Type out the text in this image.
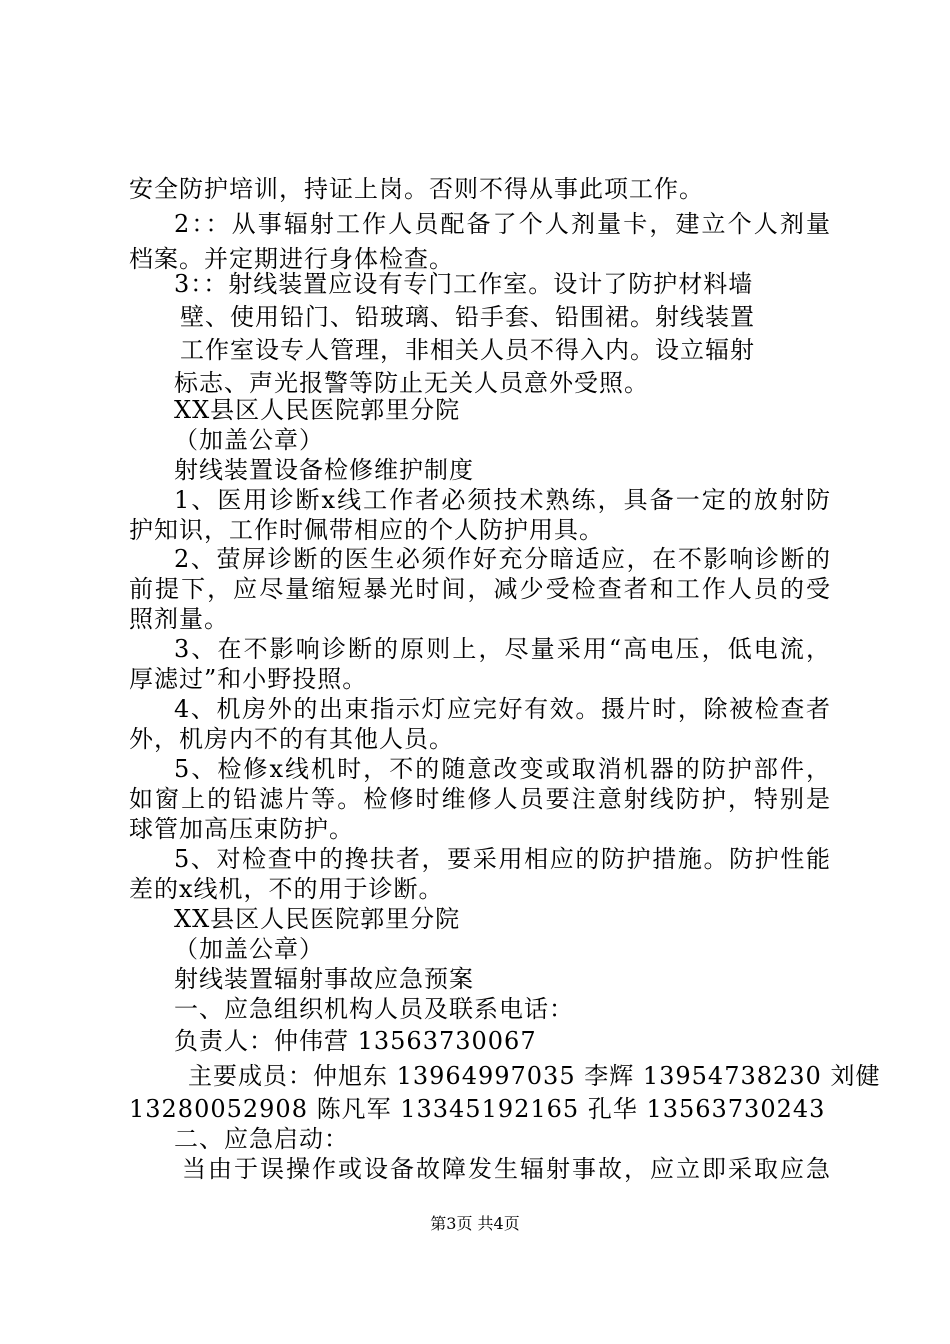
安全防护培训，持证上岗。否则不得从事此项工作。
2：：从事辐射工作人员配备了个人剂量卡，建立个人剂量
档案。并定期进行身体检查。
3：：射线装置应设有专门工作室。设计了防护材料墙
壁、使用铅门、铅玻璃、铅手套、铅围裙。射线装置
工作室设专人管理，非相关人员不得入内。设立辐射
标志、声光报警等防止无关人员意外受照。
XX县区人民医院郭里分院
（加盖公章）
射线装置设备检修维护制度
1、医用诊断x线工作者必须技术熟练，具备一定的放射防
护知识，工作时佩带相应的个人防护用具。
2、萤屏诊断的医生必须作好充分暗适应，在不影响诊断的
前提下，应尽量缩短暴光时间，减少受检查者和工作人员的受
照剂量。
3、在不影响诊断的原则上，尽量采用“高电压，低电流，
厚滤过”和小野投照。
4、机房外的出束指示灯应完好有效。摄片时，除被检查者
外，机房内不的有其他人员。
5、检修x线机时，不的随意改变或取消机器的防护部件，
如窗上的铅滤片等。检修时维修人员要注意射线防护，特别是
球管加高压束防护。
5、对检查中的搀扶者，要采用相应的防护措施。防护性能
差的x线机，不的用于诊断。
XX县区人民医院郭里分院
（加盖公章）
射线装置辐射事故应急预案
一、应急组织机构人员及联系电话：
负责人：仲伟营 13563730067
主要成员：仲旭东 13964997035 李辉 13954738230 刘健
13280052908 陈凡军 13345192165 孔华 13563730243
二、应急启动：
当由于误操作或设备故障发生辐射事故，应立即采取应急
第3页 共4页
